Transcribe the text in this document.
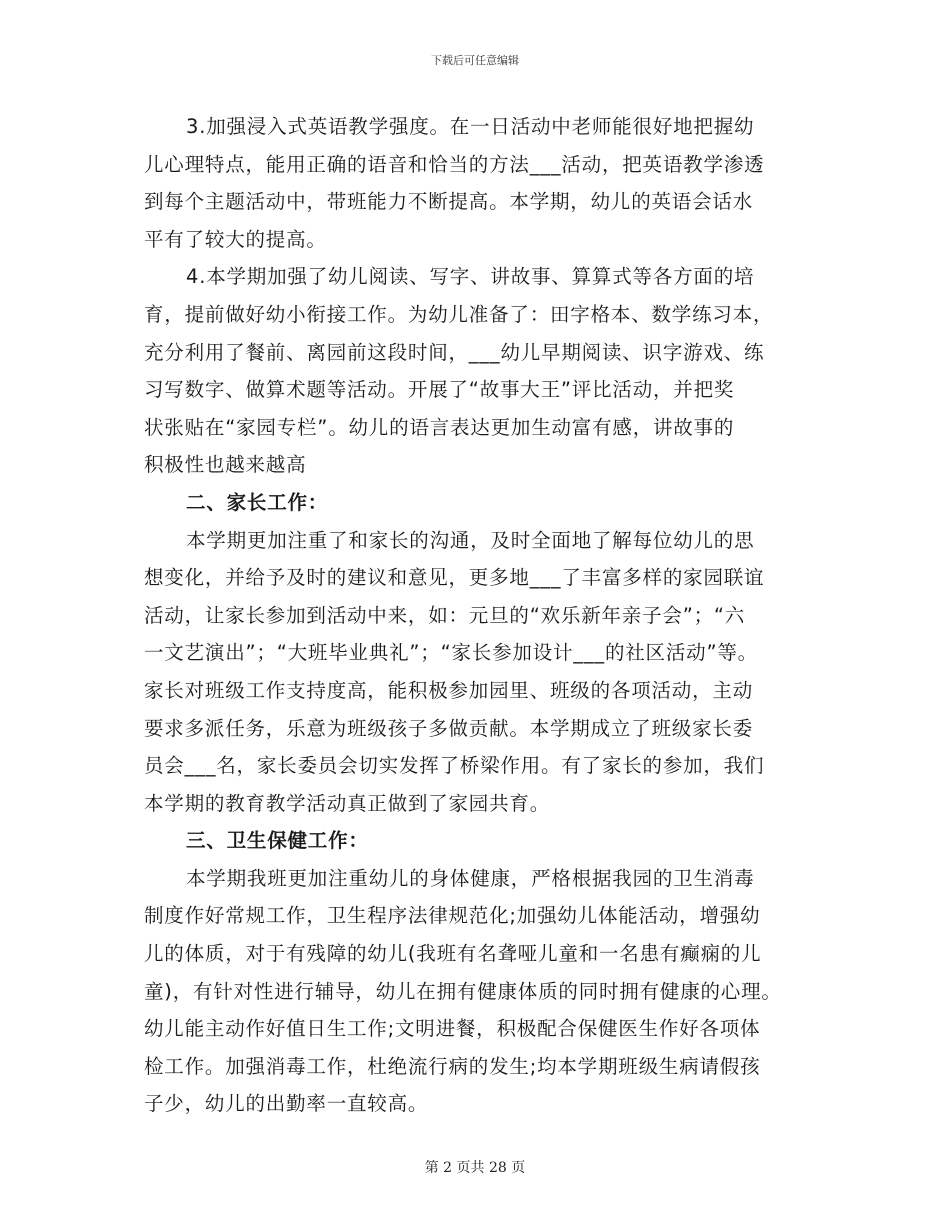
下载后可任意编辑
3.加强浸入式英语教学强度。在一日活动中老师能很好地把握幼
儿心理特点，能用正确的语音和恰当的方法___活动，把英语教学渗透
到每个主题活动中，带班能力不断提高。本学期，幼儿的英语会话水
平有了较大的提高。
4.本学期加强了幼儿阅读、写字、讲故事、算算式等各方面的培
育，提前做好幼小衔接工作。为幼儿准备了：田字格本、数学练习本，
充分利用了餐前、离园前这段时间，___幼儿早期阅读、识字游戏、练
习写数字、做算术题等活动。开展了“故事大王”评比活动，并把奖
状张贴在“家园专栏”。幼儿的语言表达更加生动富有感，讲故事的
积极性也越来越高
二、家长工作：
本学期更加注重了和家长的沟通，及时全面地了解每位幼儿的思
想变化，并给予及时的建议和意见，更多地___了丰富多样的家园联谊
活动，让家长参加到活动中来，如：元旦的“欢乐新年亲子会”；“六
一文艺演出”；“大班毕业典礼”；“家长参加设计___的社区活动”等。
家长对班级工作支持度高，能积极参加园里、班级的各项活动，主动
要求多派任务，乐意为班级孩子多做贡献。本学期成立了班级家长委
员会___名，家长委员会切实发挥了桥梁作用。有了家长的参加，我们
本学期的教育教学活动真正做到了家园共育。
三、卫生保健工作：
本学期我班更加注重幼儿的身体健康，严格根据我园的卫生消毒
制度作好常规工作，卫生程序法律规范化;加强幼儿体能活动，增强幼
儿的体质，对于有残障的幼儿(我班有名聋哑儿童和一名患有癫痫的儿
童)，有针对性进行辅导，幼儿在拥有健康体质的同时拥有健康的心理。
幼儿能主动作好值日生工作;文明进餐，积极配合保健医生作好各项体
检工作。加强消毒工作，杜绝流行病的发生;均本学期班级生病请假孩
子少，幼儿的出勤率一直较高。
第 2 页共 28 页
